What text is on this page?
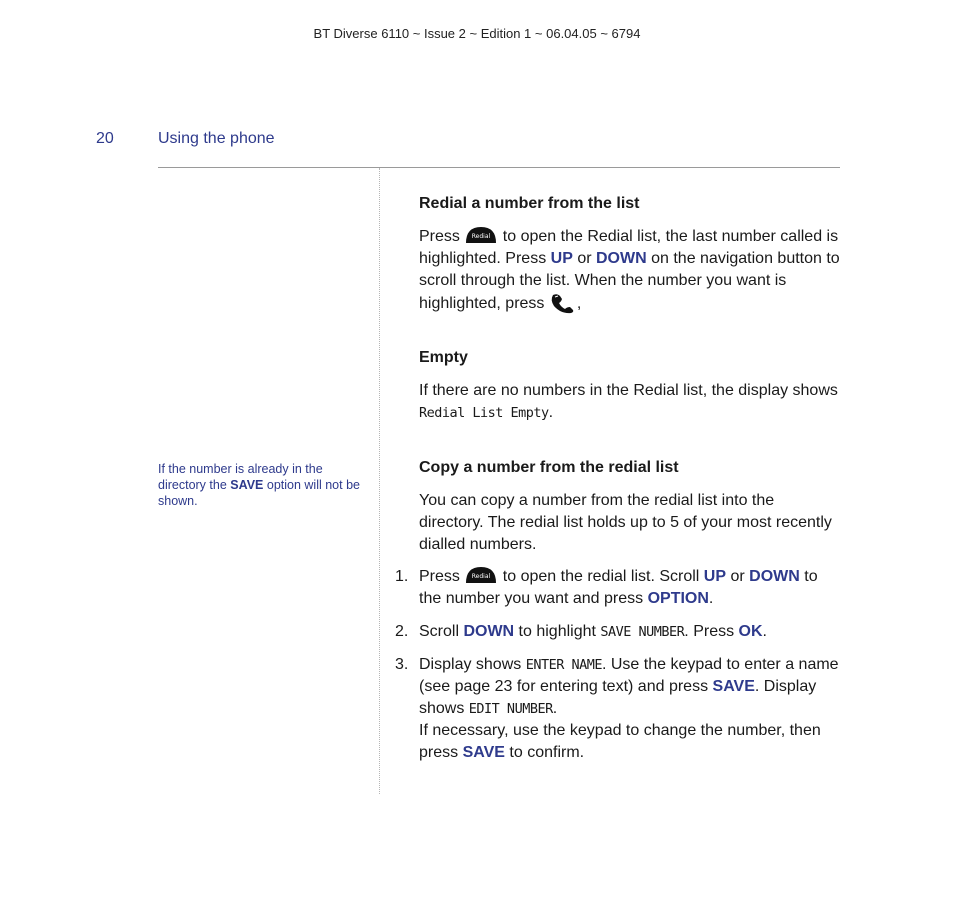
BT Diverse 6110 ~ Issue 2 ~ Edition 1 ~ 06.04.05 ~ 6794
20	Using the phone
If the number is already in the directory the SAVE option will not be shown.
Redial a number from the list

Press Redial to open the Redial list, the last number called is highlighted. Press UP or DOWN on the navigation button to scroll through the list. When the number you want is highlighted, press ,

Empty

If there are no numbers in the Redial list, the display shows Redial List Empty.

Copy a number from the redial list

You can copy a number from the redial list into the directory. The redial list holds up to 5 of your most recently dialled numbers.

1. Press Redial to open the redial list. Scroll UP or DOWN to the number you want and press OPTION.
2. Scroll DOWN to highlight SAVE NUMBER. Press OK.
3. Display shows ENTER NAME. Use the keypad to enter a name (see page 23 for entering text) and press SAVE. Display shows EDIT NUMBER.
If necessary, use the keypad to change the number, then press SAVE to confirm.
